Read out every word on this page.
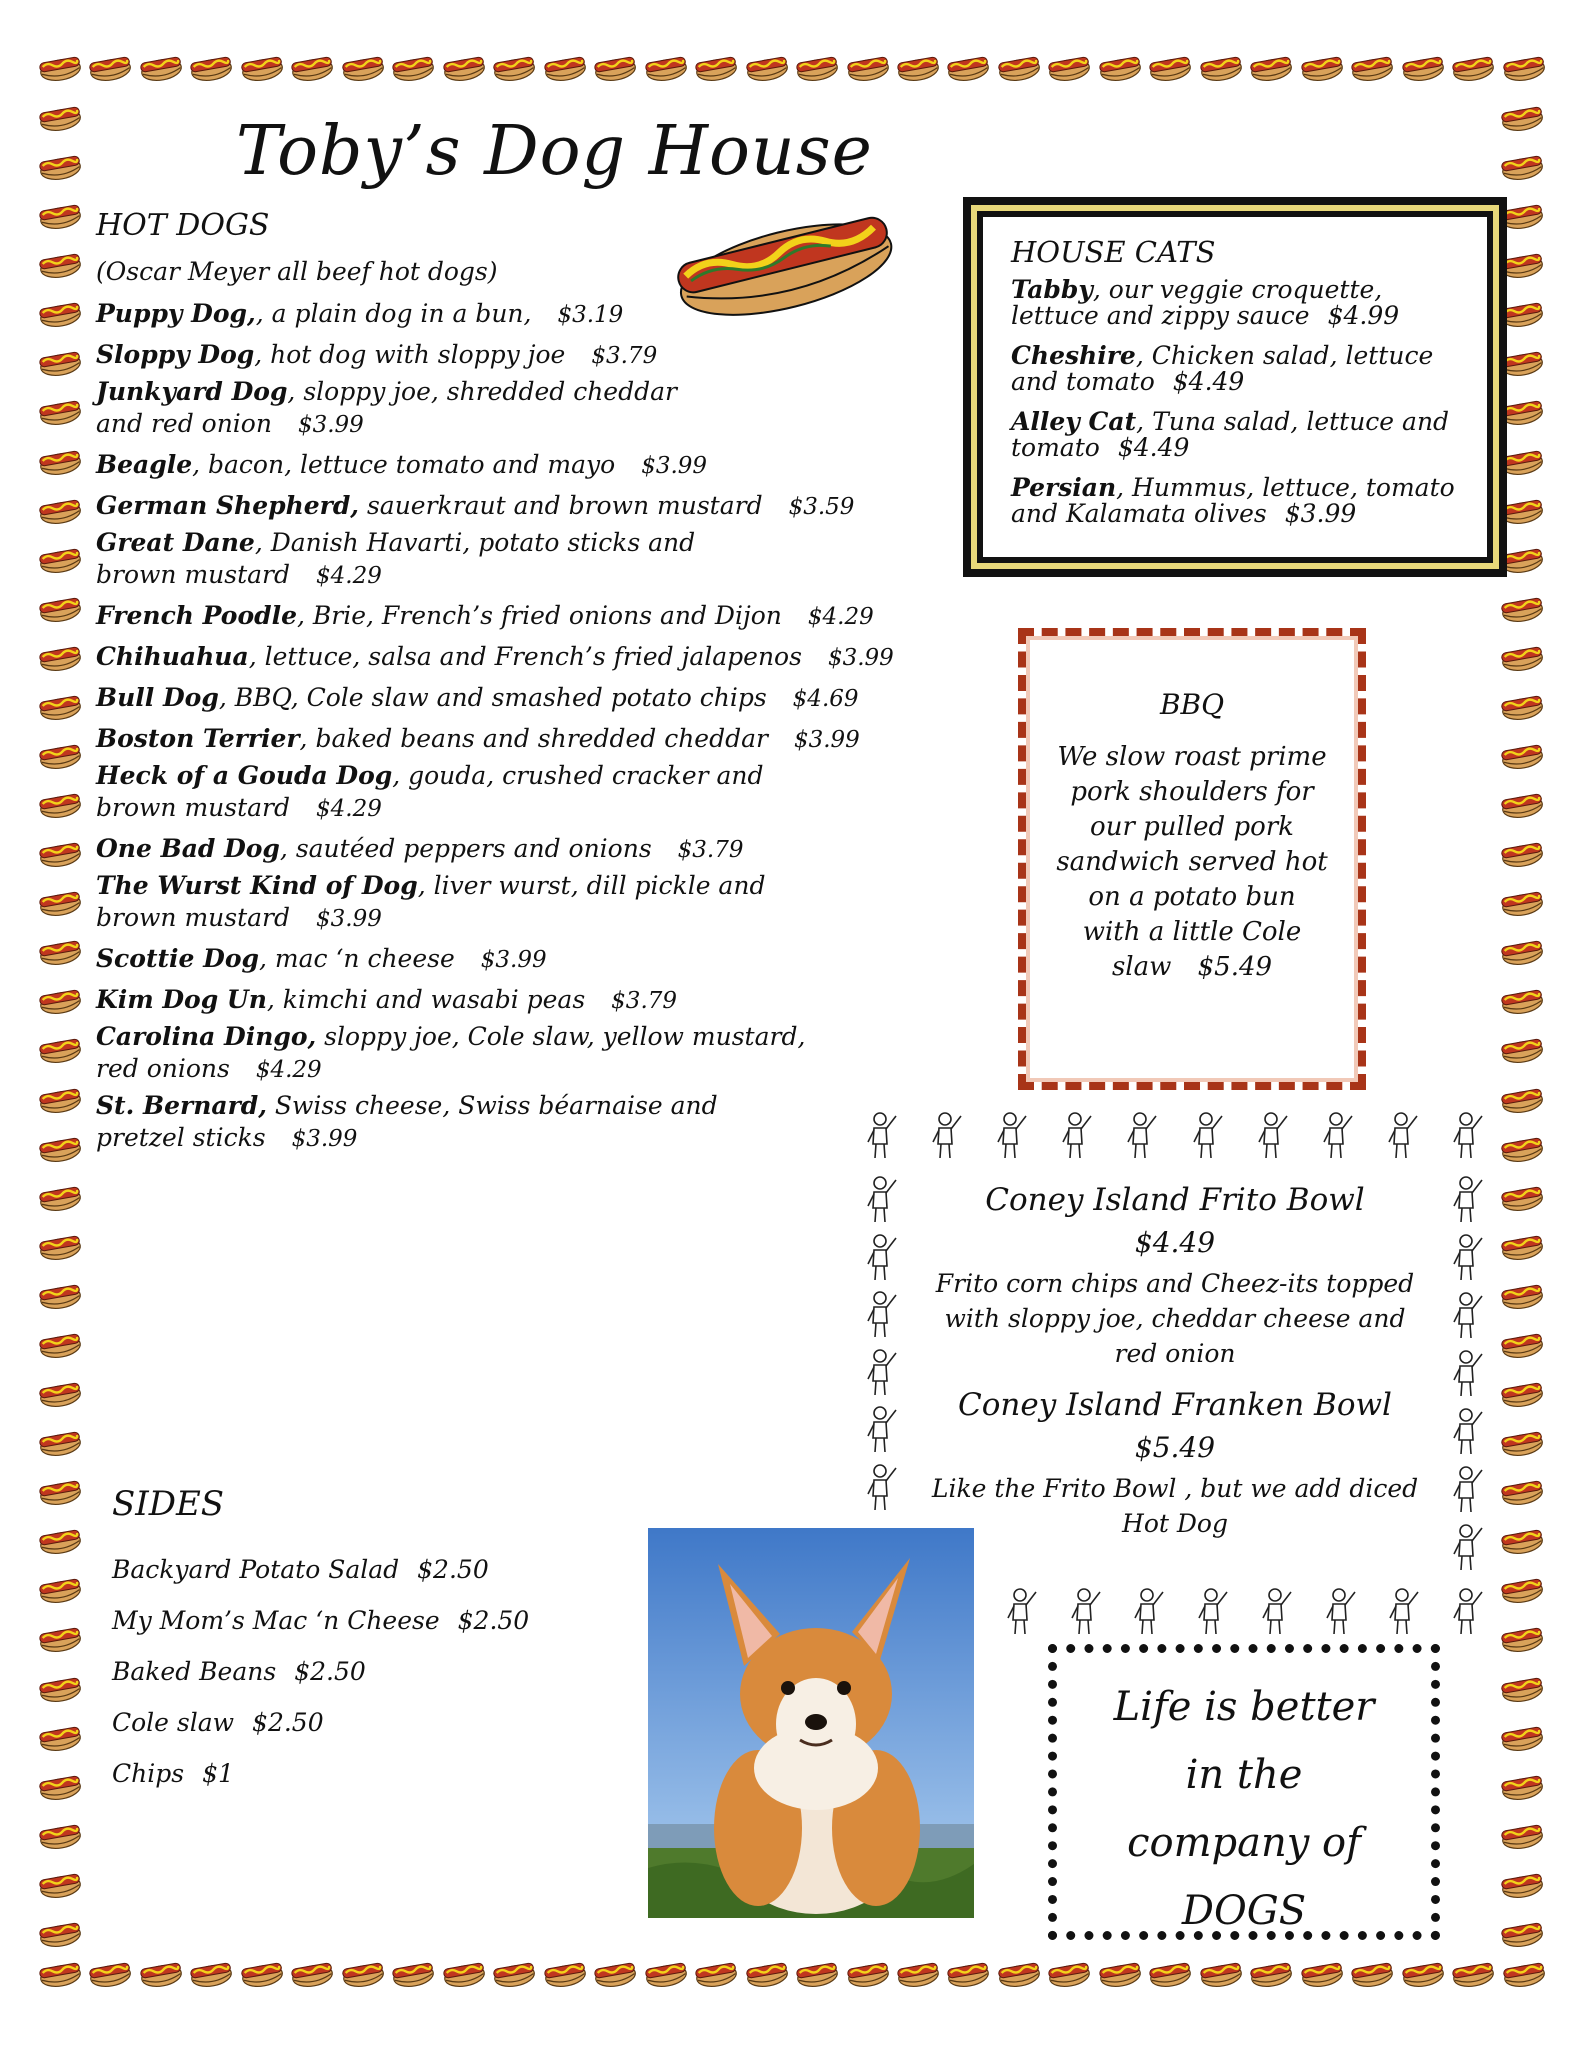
Toby’s Dog House
HOT DOGS
(Oscar Meyer all beef hot dogs)
Puppy Dog,, a plain dog in a bun, $3.19
Sloppy Dog, hot dog with sloppy joe $3.79
Junkyard Dog, sloppy joe, shredded cheddar
and red onion $3.99
Beagle, bacon, lettuce tomato and mayo $3.99
German Shepherd, sauerkraut and brown mustard $3.59
Great Dane, Danish Havarti, potato sticks and
brown mustard $4.29
French Poodle, Brie, French’s fried onions and Dijon $4.29
Chihuahua, lettuce, salsa and French’s fried jalapenos $3.99
Bull Dog, BBQ, Cole slaw and smashed potato chips $4.69
Boston Terrier, baked beans and shredded cheddar $3.99
Heck of a Gouda Dog, gouda, crushed cracker and
brown mustard $4.29
One Bad Dog, sautéed peppers and onions $3.79
The Wurst Kind of Dog, liver wurst, dill pickle and
brown mustard $3.99
Scottie Dog, mac ‘n cheese $3.99
Kim Dog Un, kimchi and wasabi peas $3.79
Carolina Dingo, sloppy joe, Cole slaw, yellow mustard,
red onions $4.29
St. Bernard, Swiss cheese, Swiss béarnaise and
pretzel sticks $3.99
HOUSE CATS
Tabby, our veggie croquette, lettuce and zippy sauce $4.99
Cheshire, Chicken salad, lettuce and tomato $4.49
Alley Cat, Tuna salad, lettuce and tomato $4.49
Persian, Hummus, lettuce, tomato and Kalamata olives $3.99
BBQ
We slow roast prime pork shoulders for our pulled pork sandwich served hot on a potato bun with a little Cole slaw $5.49
Coney Island Frito Bowl
$4.49
Frito corn chips and Cheez-its topped with sloppy joe, cheddar cheese and red onion
Coney Island Franken Bowl
$5.49
Like the Frito Bowl , but we add diced Hot Dog
SIDES
Backyard Potato Salad $2.50
My Mom’s Mac ‘n Cheese $2.50
Baked Beans $2.50
Cole slaw $2.50
Chips $1
Life is better
in the
company of
DOGS
